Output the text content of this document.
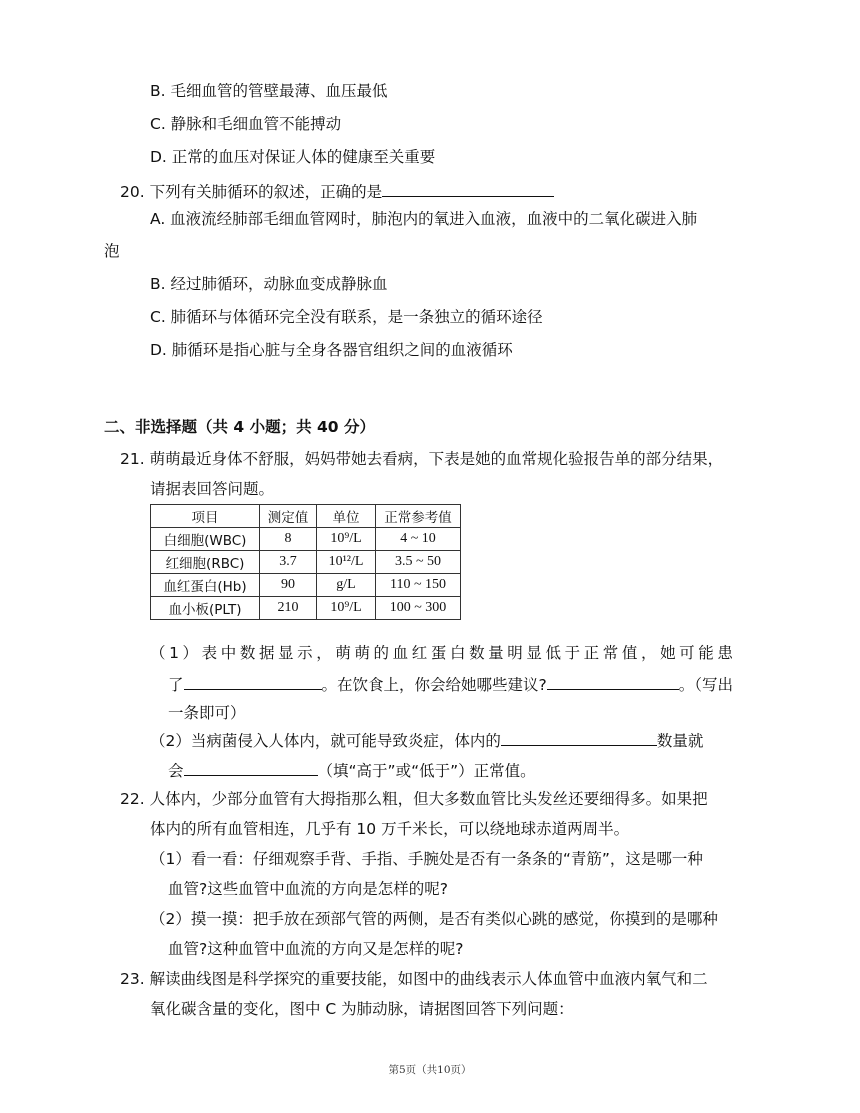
B. 毛细血管的管壁最薄、血压最低
C. 静脉和毛细血管不能搏动
D. 正常的血压对保证人体的健康至关重要
20. 下列有关肺循环的叙述，正确的是
A. 血液流经肺部毛细血管网时，肺泡内的氧进入血液，血液中的二氧化碳进入肺
泡
B. 经过肺循环，动脉血变成静脉血
C. 肺循环与体循环完全没有联系，是一条独立的循环途径
D. 肺循环是指心脏与全身各器官组织之间的血液循环
二、非选择题（共 4 小题；共 40 分）
21. 萌萌最近身体不舒服，妈妈带她去看病，下表是她的血常规化验报告单的部分结果，
请据表回答问题。
项目	测定值	单位	正常参考值
白细胞(WBC)	8	10⁹/L	4 ~ 10
红细胞(RBC)	3.7	10¹²/L	3.5 ~ 50
血红蛋白(Hb)	90	g/L	110 ~ 150
血小板(PLT)	210	10⁹/L	100 ~ 300
（1）表中数据显示，萌萌的血红蛋白数量明显低于正常值，她可能患
了	。在饮食上，你会给她哪些建议?	。（写出
一条即可）
（2）当病菌侵入人体内，就可能导致炎症，体内的	数量就
会	（填“高于”或“低于”）正常值。
22. 人体内，少部分血管有大拇指那么粗，但大多数血管比头发丝还要细得多。如果把
体内的所有血管相连，几乎有 10 万千米长，可以绕地球赤道两周半。
（1）看一看：仔细观察手背、手指、手腕处是否有一条条的“青筋”，这是哪一种
血管?这些血管中血流的方向是怎样的呢?
（2）摸一摸：把手放在颈部气管的两侧，是否有类似心跳的感觉，你摸到的是哪种
血管?这种血管中血流的方向又是怎样的呢?
23. 解读曲线图是科学探究的重要技能，如图中的曲线表示人体血管中血液内氧气和二
氧化碳含量的变化，图中 C 为肺动脉，请据图回答下列问题：
第5页（共10页）
